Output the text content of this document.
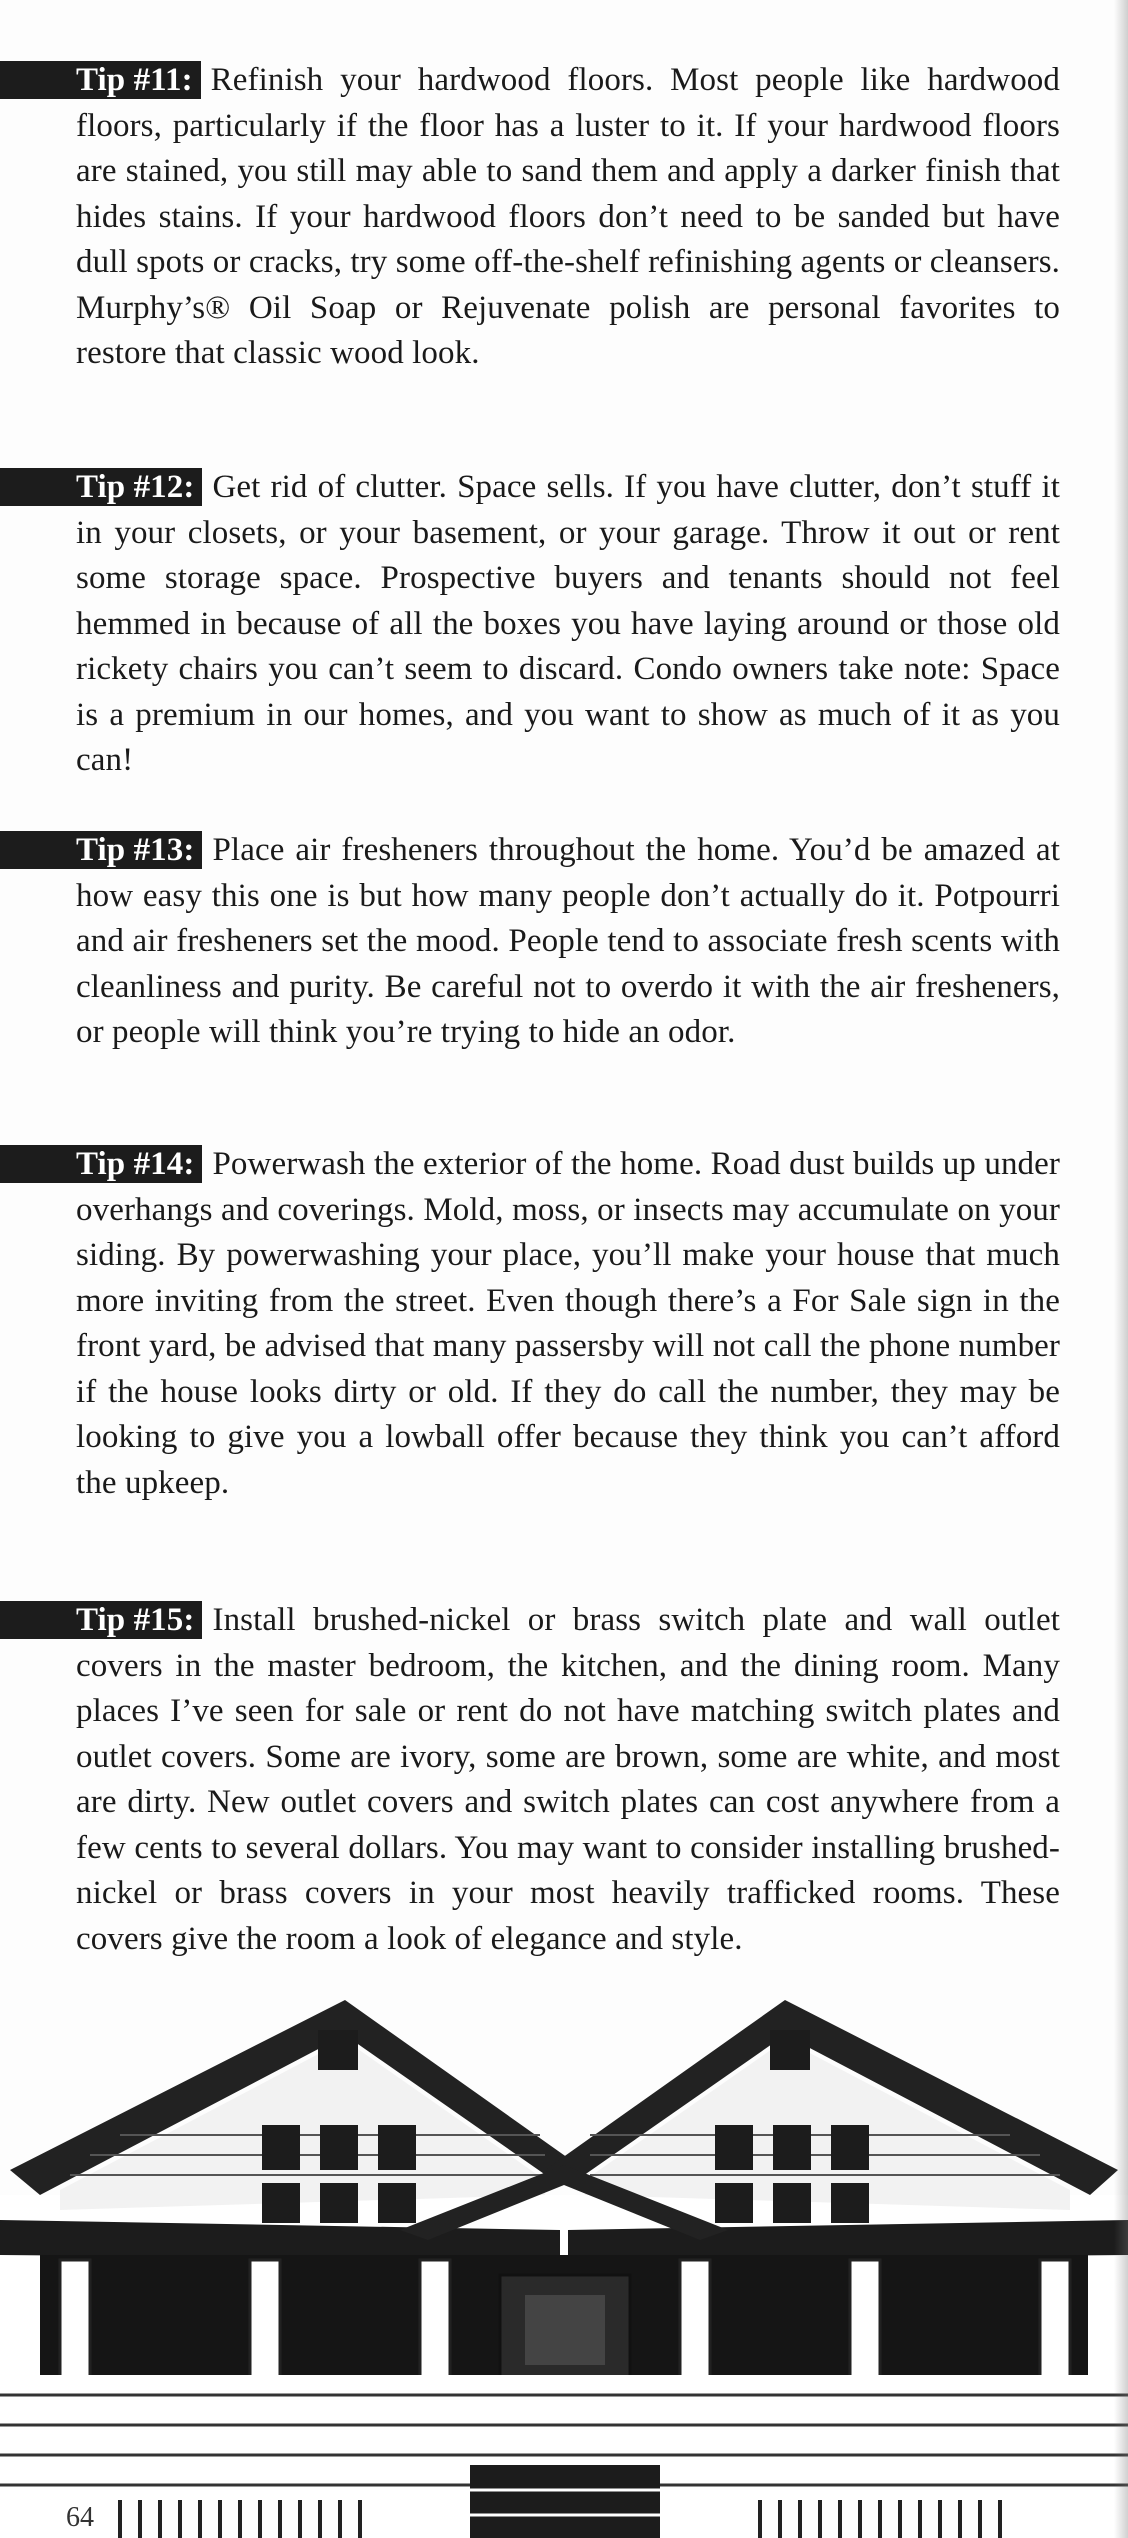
Tip #11: Refinish your hardwood floors. Most people like hardwood floors, particularly if the floor has a luster to it. If your hardwood floors are stained, you still may able to sand them and apply a darker finish that hides stains. If your hardwood floors don’t need to be sanded but have dull spots or cracks, try some off-the-shelf refinishing agents or cleansers. Murphy’s® Oil Soap or Rejuvenate polish are personal favorites to restore that classic wood look.

Tip #12: Get rid of clutter. Space sells. If you have clutter, don’t stuff it in your closets, or your basement, or your garage. Throw it out or rent some storage space. Prospective buyers and tenants should not feel hemmed in because of all the boxes you have laying around or those old rickety chairs you can’t seem to discard. Condo owners take note: Space is a premium in our homes, and you want to show as much of it as you can!

Tip #13: Place air fresheners throughout the home. You’d be amazed at how easy this one is but how many people don’t actually do it. Potpourri and air fresheners set the mood. People tend to associate fresh scents with cleanliness and purity. Be careful not to overdo it with the air fresheners, or people will think you’re trying to hide an odor.

Tip #14: Powerwash the exterior of the home. Road dust builds up under overhangs and coverings. Mold, moss, or insects may accumulate on your siding. By powerwashing your place, you’ll make your house that much more inviting from the street. Even though there’s a For Sale sign in the front yard, be advised that many passersby will not call the phone number if the house looks dirty or old. If they do call the number, they may be looking to give you a lowball offer because they think you can’t afford the upkeep.

Tip #15: Install brushed-nickel or brass switch plate and wall outlet covers in the master bedroom, the kitchen, and the dining room. Many places I’ve seen for sale or rent do not have matching switch plates and outlet covers. Some are ivory, some are brown, some are white, and most are dirty. New outlet covers and switch plates can cost anywhere from a few cents to several dollars. You may want to consider installing brushed-nickel or brass covers in your most heavily trafficked rooms. These covers give the room a look of elegance and style.

64
